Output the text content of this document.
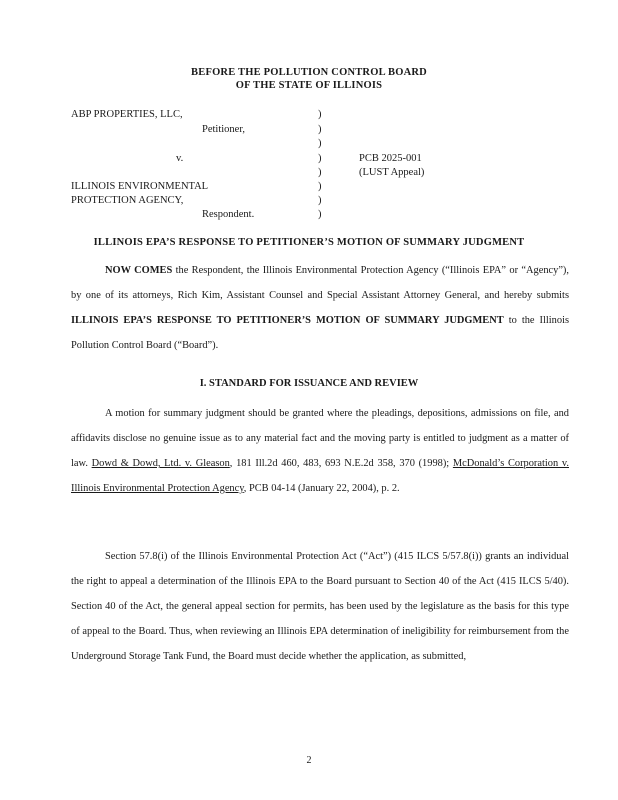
BEFORE THE POLLUTION CONTROL BOARD
OF THE STATE OF ILLINOIS
ABP PROPERTIES, LLC,
Petitioner,
v.
ILLINOIS ENVIRONMENTAL
PROTECTION AGENCY,
Respondent.
PCB 2025-001
(LUST Appeal)
)
)
)
)
)
)
)
)
ILLINOIS EPA’S RESPONSE TO PETITIONER’S MOTION OF SUMMARY JUDGMENT
NOW COMES the Respondent, the Illinois Environmental Protection Agency (“Illinois EPA” or “Agency”), by one of its attorneys, Rich Kim, Assistant Counsel and Special Assistant Attorney General, and hereby submits ILLINOIS EPA’S RESPONSE TO PETITIONER’S MOTION OF SUMMARY JUDGMENT to the Illinois Pollution Control Board (“Board”).
I. STANDARD FOR ISSUANCE AND REVIEW
A motion for summary judgment should be granted where the pleadings, depositions, admissions on file, and affidavits disclose no genuine issue as to any material fact and the moving party is entitled to judgment as a matter of law. Dowd & Dowd, Ltd. v. Gleason, 181 Ill.2d 460, 483, 693 N.E.2d 358, 370 (1998); McDonald’s Corporation v. Illinois Environmental Protection Agency, PCB 04-14 (January 22, 2004), p. 2.
Section 57.8(i) of the Illinois Environmental Protection Act (“Act”) (415 ILCS 5/57.8(i)) grants an individual the right to appeal a determination of the Illinois EPA to the Board pursuant to Section 40 of the Act (415 ILCS 5/40). Section 40 of the Act, the general appeal section for permits, has been used by the legislature as the basis for this type of appeal to the Board. Thus, when reviewing an Illinois EPA determination of ineligibility for reimbursement from the Underground Storage Tank Fund, the Board must decide whether the application, as submitted,
2
